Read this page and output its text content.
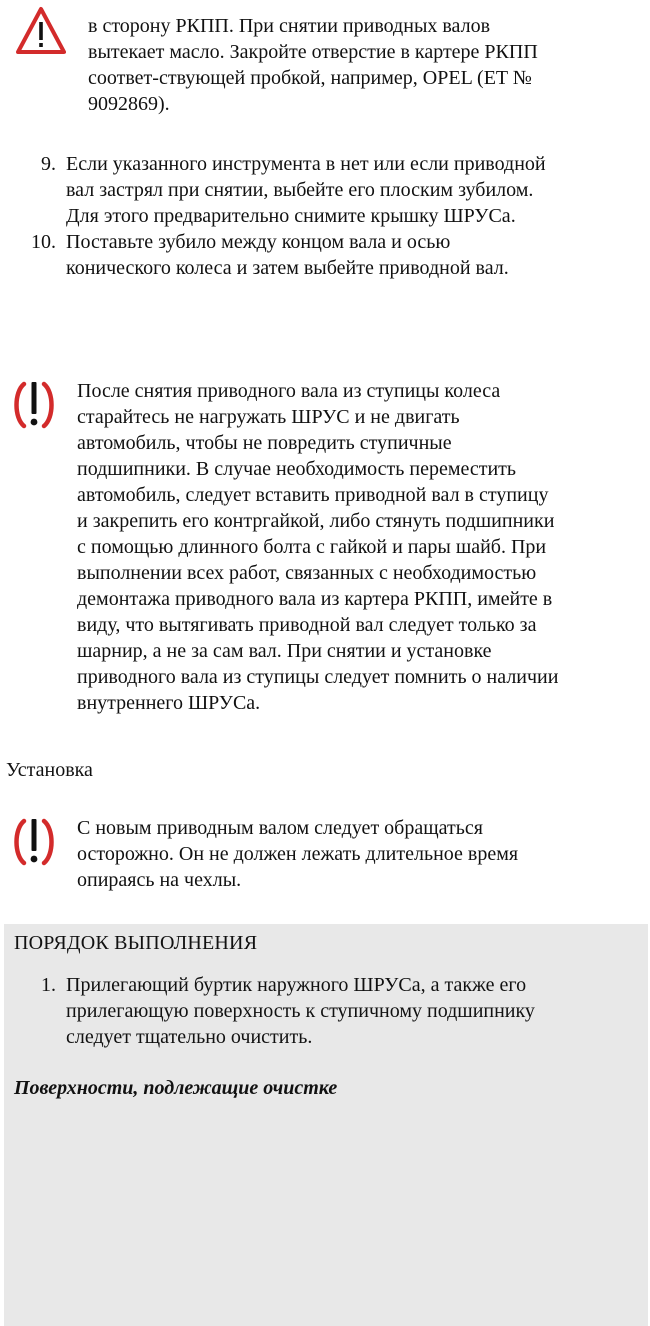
в сторону РКПП. При снятии приводных валов
вытекает масло. Закройте отверстие в картере РКПП
соответ-ствующей пробкой, например, OPEL (ET №
9092869).
9. Если указанного инструмента в нет или если приводной
вал застрял при снятии, выбейте его плоским зубилом.
Для этого предварительно снимите крышку ШРУСа.
10. Поставьте зубило между концом вала и осью
конического колеса и затем выбейте приводной вал.
После снятия приводного вала из ступицы колеса
старайтесь не нагружать ШРУС и не двигать
автомобиль, чтобы не повредить ступичные
подшипники. В случае необходимость переместить
автомобиль, следует вставить приводной вал в ступицу
и закрепить его контргайкой, либо стянуть подшипники
с помощью длинного болта с гайкой и пары шайб. При
выполнении всех работ, связанных с необходимостью
демонтажа приводного вала из картера РКПП, имейте в
виду, что вытягивать приводной вал следует только за
шарнир, а не за сам вал. При снятии и установке
приводного вала из ступицы следует помнить о наличии
внутреннего ШРУСа.
Установка
С новым приводным валом следует обращаться
осторожно. Он не должен лежать длительное время
опираясь на чехлы.
ПОРЯДОК ВЫПОЛНЕНИЯ
1. Прилегающий буртик наружного ШРУСа, а также его
прилегающую поверхность к ступичному подшипнику
следует тщательно очистить.
Поверхности, подлежащие очистке
